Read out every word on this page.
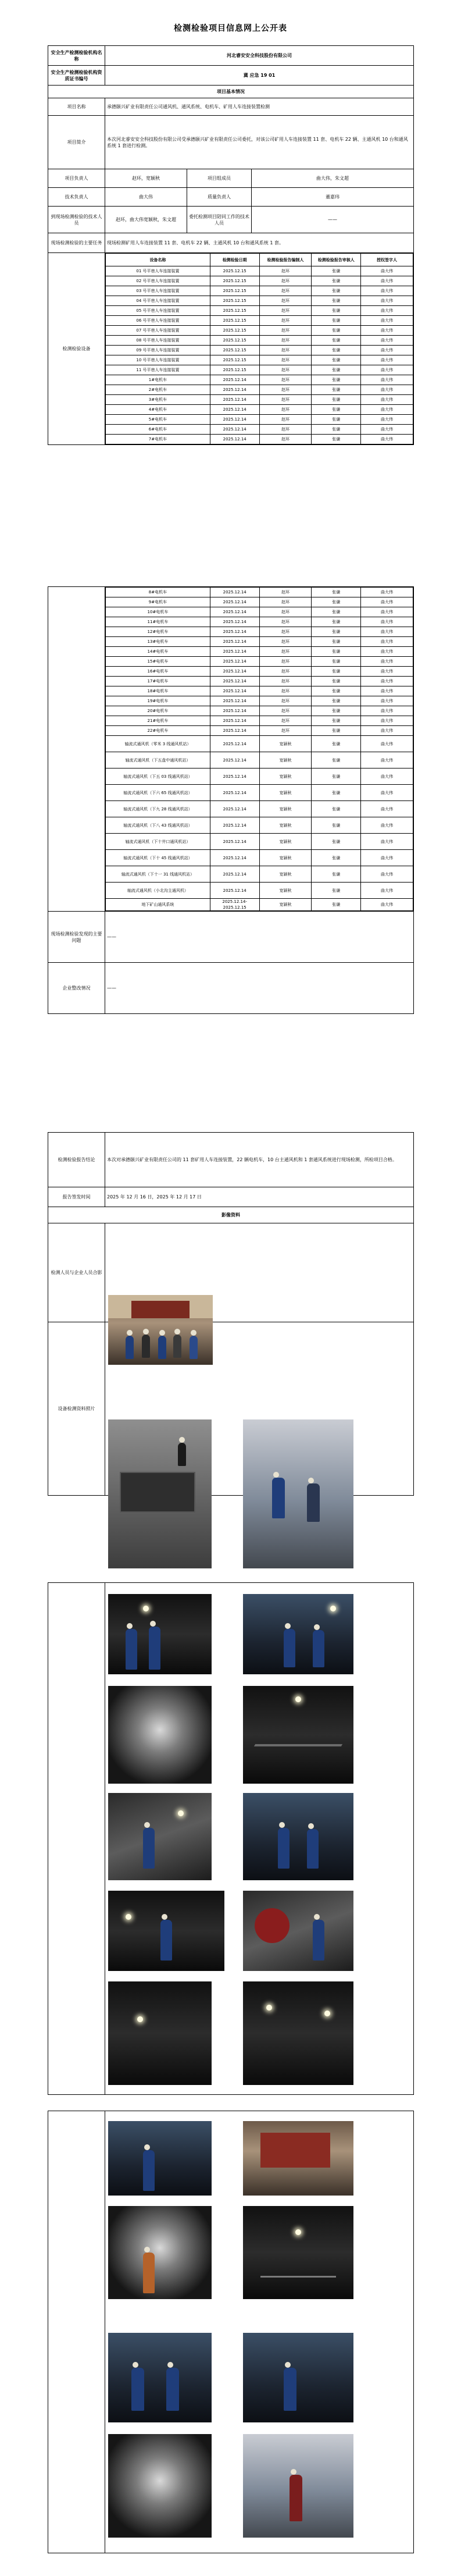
检测检验项目信息网上公开表
安全生产检测检验机构名称	河北睿安安全科技股份有限公司
安全生产检测检验机构资质证书编号	冀 应急 19 01
项目基本情况
项目名称	承德颐兴矿业有限责任公司通风机、通风系统、电机车、矿用人车连接装置检测
项目简介	本次河北睿安安全科技股份有限公司受承德颐兴矿业有限责任公司委托，对该公司矿用人车连接装置 11 套、电机车 22 辆、主通风机 10 台和通风系统 1 套进行检测。
项目负责人	赵环，宽颖秋	项目组成员	曲大伟，朱文超
技术负责人	曲大伟	质量负责人	董嘉玮
到现场检测检验的技术人员	赵环，曲大伟宽颖秋，朱文超	委托检测项目陪同工作的技术人员	——
现场检测检验的主要任务	现场检测矿用人车连接装置 11 套、电机车 22 辆、主通风机 10 台和通风系统 1 套。
检测检验设备	
设备名称	检测检验日期	检测检验报告编制人	检测检验报告审核人	授权签字人
01 号平巷人车连接装置	2025.12.15	赵环	张谦	曲大伟
02 号平巷人车连接装置	2025.12.15	赵环	张谦	曲大伟
03 号平巷人车连接装置	2025.12.15	赵环	张谦	曲大伟
04 号平巷人车连接装置	2025.12.15	赵环	张谦	曲大伟
05 号平巷人车连接装置	2025.12.15	赵环	张谦	曲大伟
06 号平巷人车连接装置	2025.12.15	赵环	张谦	曲大伟
07 号平巷人车连接装置	2025.12.15	赵环	张谦	曲大伟
08 号平巷人车连接装置	2025.12.15	赵环	张谦	曲大伟
09 号平巷人车连接装置	2025.12.15	赵环	张谦	曲大伟
10 号平巷人车连接装置	2025.12.15	赵环	张谦	曲大伟
11 号平巷人车连接装置	2025.12.15	赵环	张谦	曲大伟
1#电机车	2025.12.14	赵环	张谦	曲大伟
2#电机车	2025.12.14	赵环	张谦	曲大伟
3#电机车	2025.12.14	赵环	张谦	曲大伟
4#电机车	2025.12.14	赵环	张谦	曲大伟
5#电机车	2025.12.14	赵环	张谦	曲大伟
6#电机车	2025.12.14	赵环	张谦	曲大伟
7#电机车	2025.12.14	赵环	张谦	曲大伟

8#电机车	2025.12.14	赵环	张谦	曲大伟
9#电机车	2025.12.14	赵环	张谦	曲大伟
10#电机车	2025.12.14	赵环	张谦	曲大伟
11#电机车	2025.12.14	赵环	张谦	曲大伟
12#电机车	2025.12.14	赵环	张谦	曲大伟
13#电机车	2025.12.14	赵环	张谦	曲大伟
14#电机车	2025.12.14	赵环	张谦	曲大伟
15#电机车	2025.12.14	赵环	张谦	曲大伟
16#电机车	2025.12.14	赵环	张谦	曲大伟
17#电机车	2025.12.14	赵环	张谦	曲大伟
18#电机车	2025.12.14	赵环	张谦	曲大伟
19#电机车	2025.12.14	赵环	张谦	曲大伟
20#电机车	2025.12.14	赵环	张谦	曲大伟
21#电机车	2025.12.14	赵环	张谦	曲大伟
22#电机车	2025.12.14	赵环	张谦	曲大伟
轴流式通风机（零米 3 线通风机站）	2025.12.14	宽颖秋	张谦	曲大伟
轴流式通风机（下五盘中通风机站）	2025.12.14	宽颖秋	张谦	曲大伟
轴流式通风机（下五 03 线通风机站）	2025.12.14	宽颖秋	张谦	曲大伟
轴流式通风机（下六 65 线通风机站）	2025.12.14	宽颖秋	张谦	曲大伟
轴流式通风机（下九 28 线通风机站）	2025.12.14	宽颖秋	张谦	曲大伟
轴流式通风机（下八 43 线通风机站）	2025.12.14	宽颖秋	张谦	曲大伟
轴流式通风机（下十井口通风机站）	2025.12.14	宽颖秋	张谦	曲大伟
轴流式通风机（下十 45 线通风机站）	2025.12.14	宽颖秋	张谦	曲大伟
轴流式通风机（下十一 31 线通风机站）	2025.12.14	宽颖秋	张谦	曲大伟
轴流式通风机（小北沟主通风机）	2025.12.14	宽颖秋	张谦	曲大伟
地下矿山通风系统	2025.12.14- 2025.12.15	宽颖秋	张谦	曲大伟

现场检测检验发现的主要问题	——
企业整改情况	——
检测检验报告结论	本次对承德颐兴矿业有限责任公司的 11 套矿用人车连接装置，22 辆电机车，10 台主通风机和 1 套通风系统进行现场检测，所检项目合格。
报告签发时间	2025 年 12 月 16 日，2025 年 12 月 17 日
影像资料	
检测人员与企业人员合影	
设备检测资料照片	
